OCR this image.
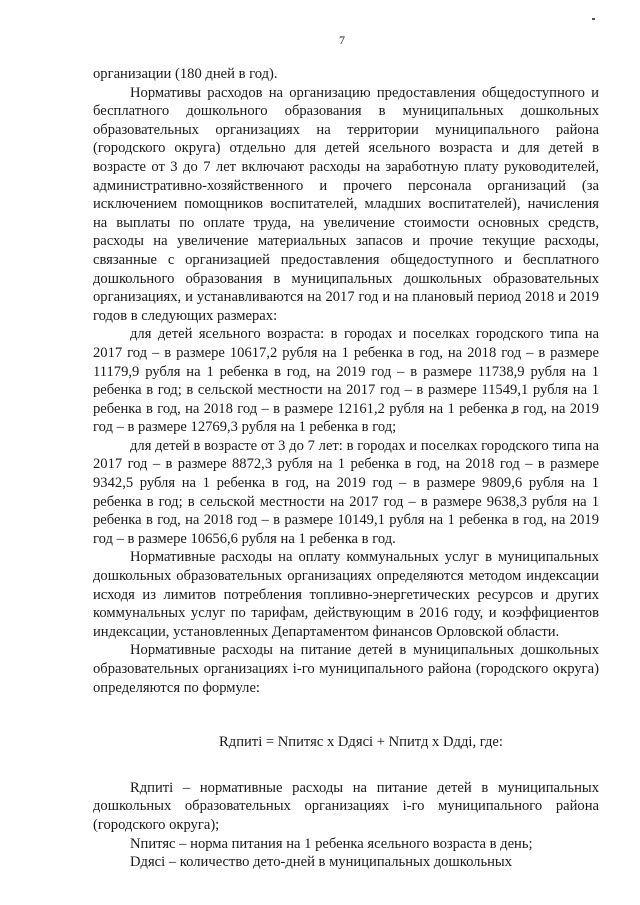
7

организации (180 дней в год).

Нормативы расходов на организацию предоставления общедоступного и бесплатного дошкольного образования в муниципальных дошкольных образовательных организациях на территории муниципального района (городского округа) отдельно для детей ясельного возраста и для детей в возрасте от 3 до 7 лет включают расходы на заработную плату руководителей, административно-хозяйственного и прочего персонала организаций (за исключением помощников воспитателей, младших воспитателей), начисления на выплаты по оплате труда, на увеличение стоимости основных средств, расходы на увеличение материальных запасов и прочие текущие расходы, связанные с организацией предоставления общедоступного и бесплатного дошкольного образования в муниципальных дошкольных образовательных организациях, и устанавливаются на 2017 год и на плановый период 2018 и 2019 годов в следующих размерах:

для детей ясельного возраста: в городах и поселках городского типа на 2017 год – в размере 10617,2 рубля на 1 ребенка в год, на 2018 год – в размере 11179,9 рубля на 1 ребенка в год, на 2019 год – в размере 11738,9 рубля на 1 ребенка в год; в сельской местности на 2017 год – в размере 11549,1 рубля на 1 ребенка в год, на 2018 год – в размере 12161,2 рубля на 1 ребенка в год, на 2019 год – в размере 12769,3 рубля на 1 ребенка в год;

для детей в возрасте от 3 до 7 лет: в городах и поселках городского типа на 2017 год – в размере 8872,3 рубля на 1 ребенка в год, на 2018 год – в размере 9342,5 рубля на 1 ребенка в год, на 2019 год – в размере 9809,6 рубля на 1 ребенка в год; в сельской местности на 2017 год – в размере 9638,3 рубля на 1 ребенка в год, на 2018 год – в размере 10149,1 рубля на 1 ребенка в год, на 2019 год – в размере 10656,6 рубля на 1 ребенка в год.

Нормативные расходы на оплату коммунальных услуг в муниципальных дошкольных образовательных организациях определяются методом индексации исходя из лимитов потребления топливно-энергетических ресурсов и других коммунальных услуг по тарифам, действующим в 2016 году, и коэффициентов индексации, установленных Департаментом финансов Орловской области.

Нормативные расходы на питание детей в муниципальных дошкольных образовательных организациях i-го муниципального района (городского округа) определяются по формуле:

Rдпитi = Nпитяс x Dдясi + Nпитд x Dддi, где:

Rдпитi – нормативные расходы на питание детей в муниципальных дошкольных образовательных организациях i-го муниципального района (городского округа);

Nпитяс – норма питания на 1 ребенка ясельного возраста в день;

Dдясi – количество дето-дней в муниципальных дошкольных
